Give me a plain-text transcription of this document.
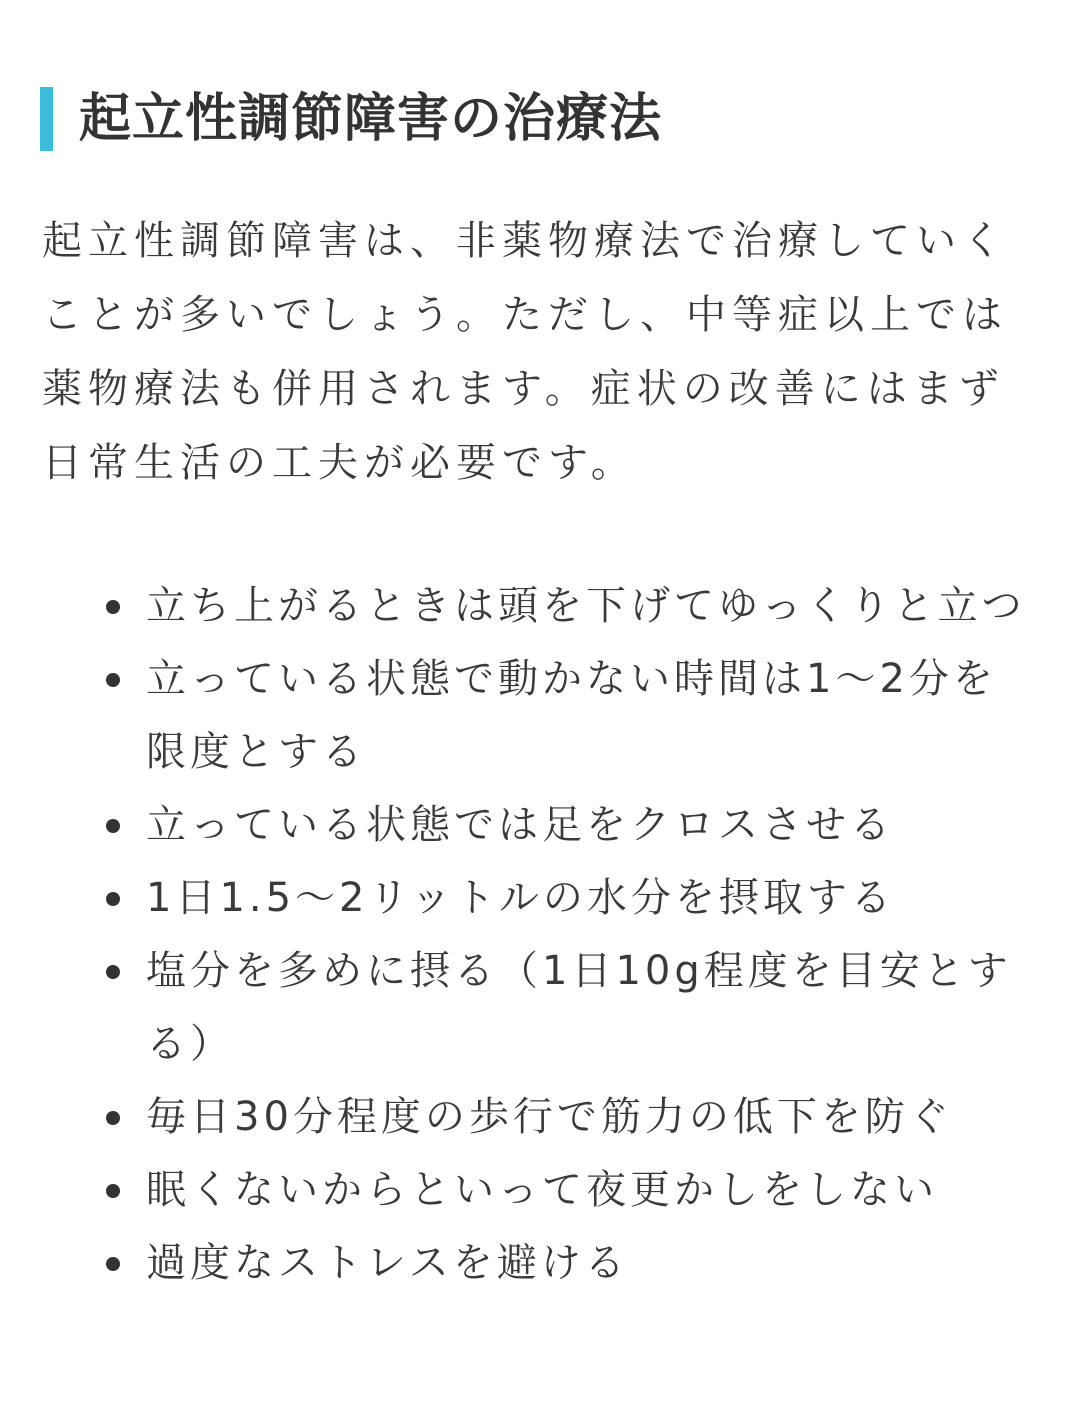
起立性調節障害の治療法

起立性調節障害は、非薬物療法で治療していくことが多いでしょう。ただし、中等症以上では薬物療法も併用されます。症状の改善にはまず日常生活の工夫が必要です。

立ち上がるときは頭を下げてゆっくりと立つ
立っている状態で動かない時間は1〜2分を限度とする
立っている状態では足をクロスさせる
1日1.5〜2リットルの水分を摂取する
塩分を多めに摂る（1日10g程度を目安とする）
毎日30分程度の歩行で筋力の低下を防ぐ
眠くないからといって夜更かしをしない
過度なストレスを避ける
